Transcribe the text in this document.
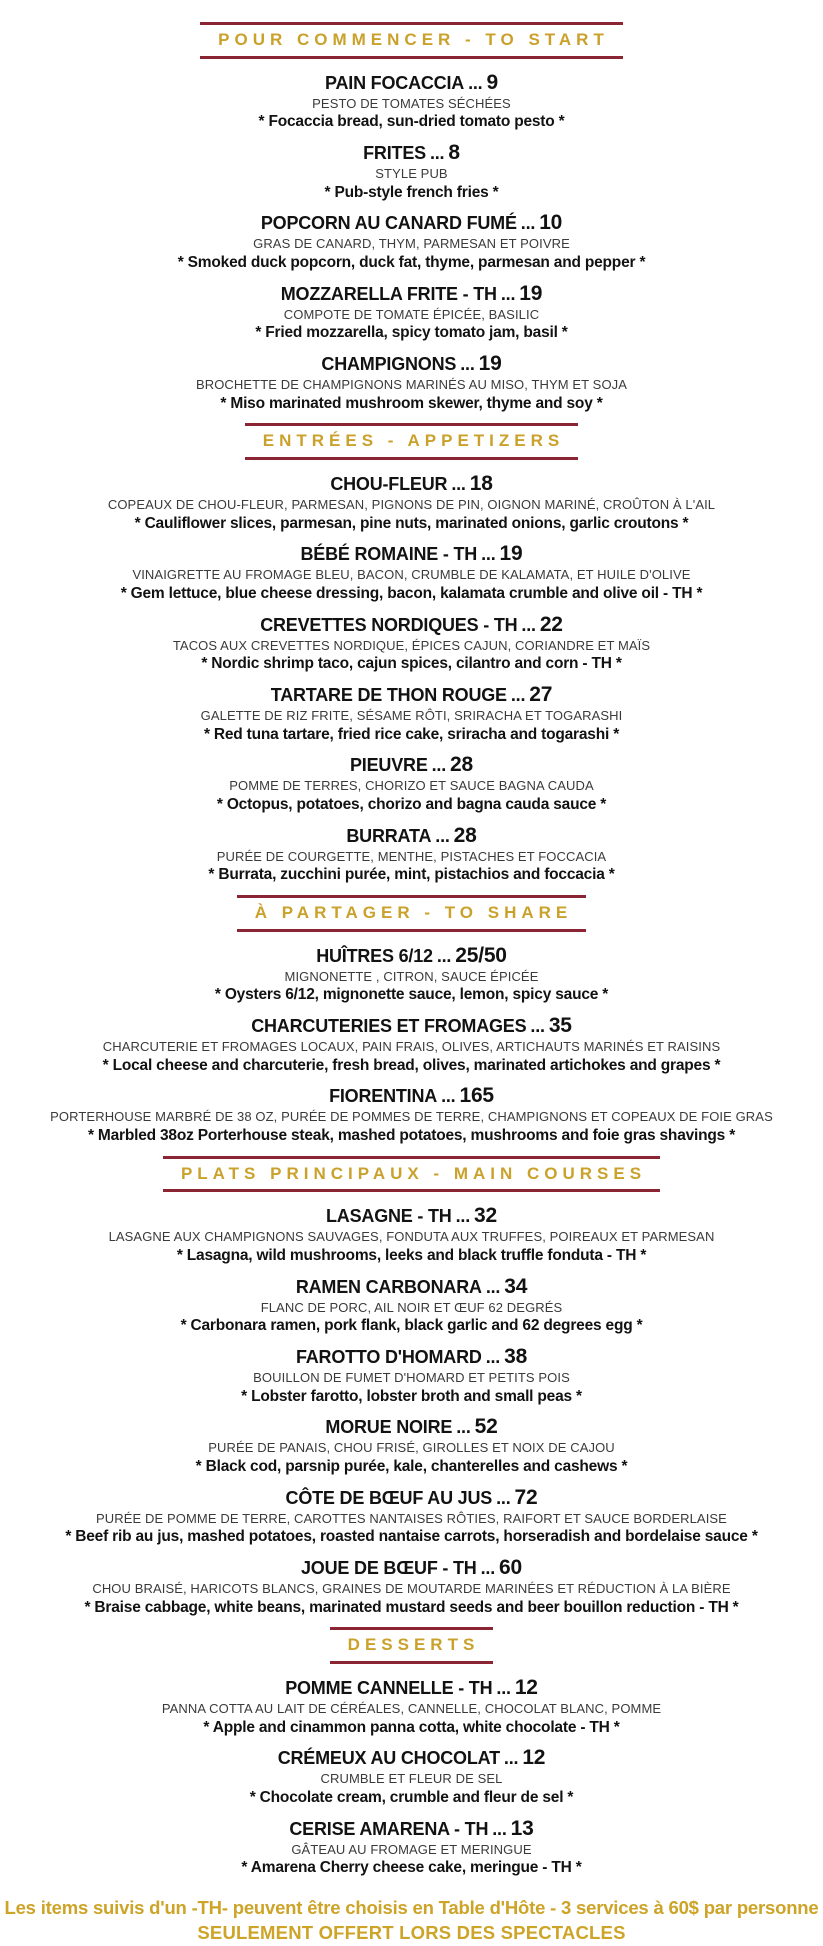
POUR COMMENCER - TO START
PAIN FOCACCIA ... 9
PESTO DE TOMATES SÉCHÉES
* Focaccia bread, sun-dried tomato pesto *
FRITES ... 8
STYLE PUB
* Pub-style french fries *
POPCORN AU CANARD FUMÉ ... 10
GRAS DE CANARD, THYM, PARMESAN ET POIVRE
* Smoked duck popcorn, duck fat, thyme, parmesan and pepper *
MOZZARELLA FRITE - TH ... 19
COMPOTE DE TOMATE ÉPICÉE, BASILIC
* Fried mozzarella, spicy tomato jam, basil *
CHAMPIGNONS ... 19
BROCHETTE DE CHAMPIGNONS MARINÉS AU MISO, THYM ET SOJA
* Miso marinated mushroom skewer, thyme and soy *
ENTRÉES - APPETIZERS
CHOU-FLEUR ... 18
COPEAUX DE CHOU-FLEUR, PARMESAN, PIGNONS DE PIN, OIGNON MARINÉ, CROÛTON À L'AIL
* Cauliflower slices, parmesan, pine nuts, marinated onions, garlic croutons *
BÉBÉ ROMAINE - TH ... 19
VINAIGRETTE AU FROMAGE BLEU, BACON, CRUMBLE DE KALAMATA, ET HUILE D'OLIVE
* Gem lettuce, blue cheese dressing, bacon, kalamata crumble and olive oil - TH *
CREVETTES NORDIQUES - TH ... 22
TACOS AUX CREVETTES NORDIQUE, ÉPICES CAJUN, CORIANDRE ET MAÏS
* Nordic shrimp taco, cajun spices, cilantro and corn - TH *
TARTARE DE THON ROUGE ... 27
GALETTE DE RIZ FRITE, SÉSAME RÔTI, SRIRACHA ET TOGARASHI
* Red tuna tartare, fried rice cake, sriracha and togarashi *
PIEUVRE ... 28
POMME DE TERRES, CHORIZO ET SAUCE BAGNA CAUDA
* Octopus, potatoes, chorizo and bagna cauda sauce *
BURRATA ... 28
PURÉE DE COURGETTE, MENTHE, PISTACHES ET FOCCACIA
* Burrata, zucchini purée, mint, pistachios and foccacia *
À PARTAGER - TO SHARE
HUÎTRES 6/12 ... 25/50
MIGNONETTE , CITRON, SAUCE ÉPICÉE
* Oysters 6/12, mignonette sauce, lemon, spicy sauce *
CHARCUTERIES ET FROMAGES ... 35
CHARCUTERIE ET FROMAGES LOCAUX, PAIN FRAIS, OLIVES, ARTICHAUTS MARINÉS ET RAISINS
* Local cheese and charcuterie, fresh bread, olives, marinated artichokes and grapes *
FIORENTINA ... 165
PORTERHOUSE MARBRÉ DE 38 OZ, PURÉE DE POMMES DE TERRE, CHAMPIGNONS ET COPEAUX DE FOIE GRAS
* Marbled 38oz Porterhouse steak, mashed potatoes, mushrooms and foie gras shavings *
PLATS PRINCIPAUX - MAIN COURSES
LASAGNE - TH ... 32
LASAGNE AUX CHAMPIGNONS SAUVAGES, FONDUTA AUX TRUFFES, POIREAUX ET PARMESAN
* Lasagna, wild mushrooms, leeks and black truffle fonduta - TH *
RAMEN CARBONARA ... 34
FLANC DE PORC, AIL NOIR ET ŒUF 62 DEGRÉS
* Carbonara ramen, pork flank, black garlic and 62 degrees egg *
FAROTTO D'HOMARD ... 38
BOUILLON DE FUMET D'HOMARD ET PETITS POIS
* Lobster farotto, lobster broth and small peas *
MORUE NOIRE ... 52
PURÉE DE PANAIS, CHOU FRISÉ, GIROLLES ET NOIX DE CAJOU
* Black cod, parsnip purée, kale, chanterelles and cashews *
CÔTE DE BŒUF AU JUS ... 72
PURÉE DE POMME DE TERRE, CAROTTES NANTAISES RÔTIES, RAIFORT ET SAUCE BORDERLAISE
* Beef rib au jus, mashed potatoes, roasted nantaise carrots, horseradish and bordelaise sauce *
JOUE DE BŒUF - TH ... 60
CHOU BRAISÉ, HARICOTS BLANCS, GRAINES DE MOUTARDE MARINÉES ET RÉDUCTION À LA BIÈRE
* Braise cabbage, white beans, marinated mustard seeds and beer bouillon reduction - TH *
DESSERTS
POMME CANNELLE - TH ... 12
PANNA COTTA AU LAIT DE CÉRÉALES, CANNELLE, CHOCOLAT BLANC, POMME
* Apple and cinammon panna cotta, white chocolate - TH *
CRÉMEUX AU CHOCOLAT ... 12
CRUMBLE ET FLEUR DE SEL
* Chocolate cream, crumble and fleur de sel *
CERISE AMARENA - TH ... 13
GÂTEAU AU FROMAGE ET MERINGUE
* Amarena Cherry cheese cake, meringue - TH *
Les items suivis d'un -TH- peuvent être choisis en Table d'Hôte - 3 services à 60$ par personne
SEULEMENT OFFERT LORS DES SPECTACLES
